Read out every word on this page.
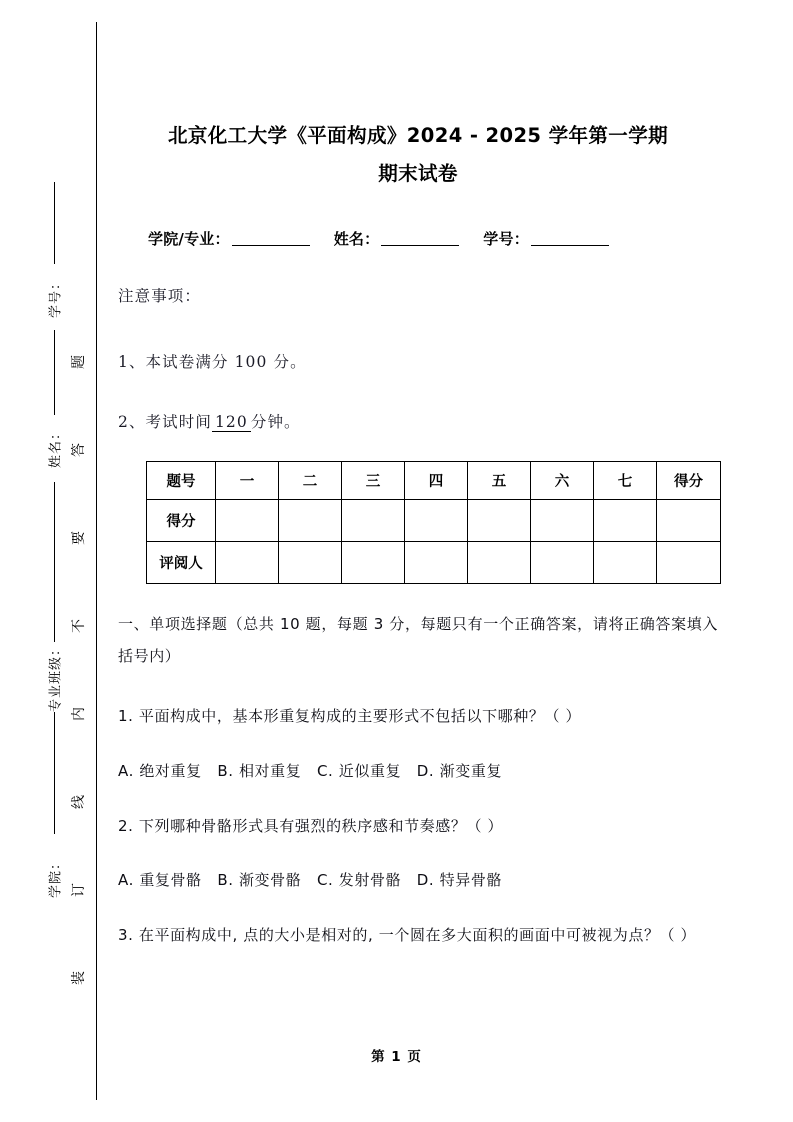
学号：
姓名：
专业班级：
学院：
题
答
要
不
内
线
订
装
北京化工大学《平面构成》2024 - 2025 学年第一学期
期末试卷
学院/专业：	姓名：	学号：
注意事项：
1、本试卷满分 100 分。
2、考试时间 120 分钟。
题号	一	二	三	四	五	六	七	得分
得分								
评阅人								
一、单项选择题（总共 10 题，每题 3 分，每题只有一个正确答案，请将正确答案填入括号内）
1. 平面构成中，基本形重复构成的主要形式不包括以下哪种？（ ）
A. 绝对重复　B. 相对重复　C. 近似重复　D. 渐变重复
2. 下列哪种骨骼形式具有强烈的秩序感和节奏感？（ ）
A. 重复骨骼　B. 渐变骨骼　C. 发射骨骼　D. 特异骨骼
3. 在平面构成中, 点的大小是相对的, 一个圆在多大面积的画面中可被视为点？（ ）
第 1 页
